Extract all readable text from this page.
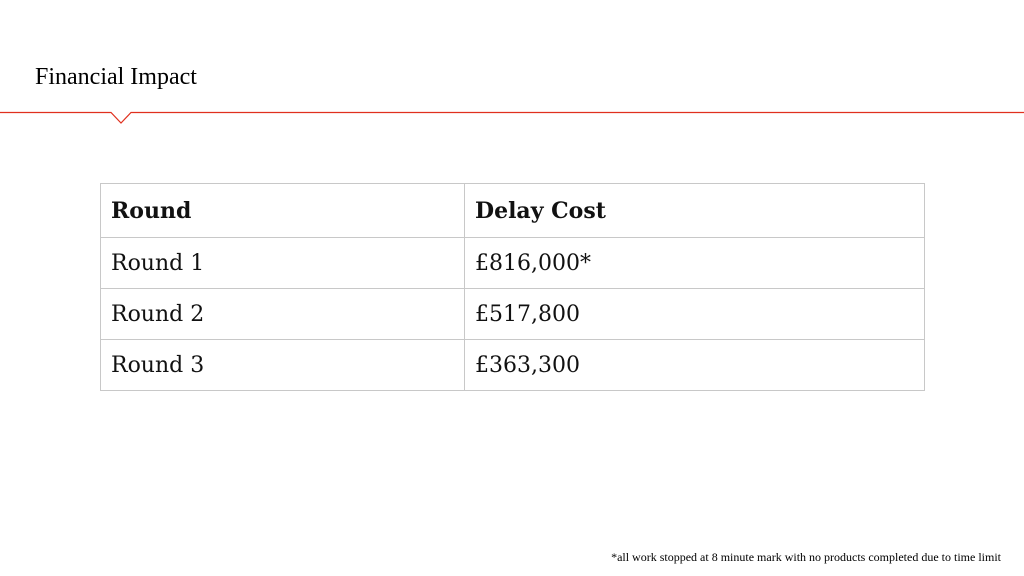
Financial Impact
Round	Delay Cost
Round 1	£816,000*
Round 2	£517,800
Round 3	£363,300
*all work stopped at 8 minute mark with no products completed due to time limit
